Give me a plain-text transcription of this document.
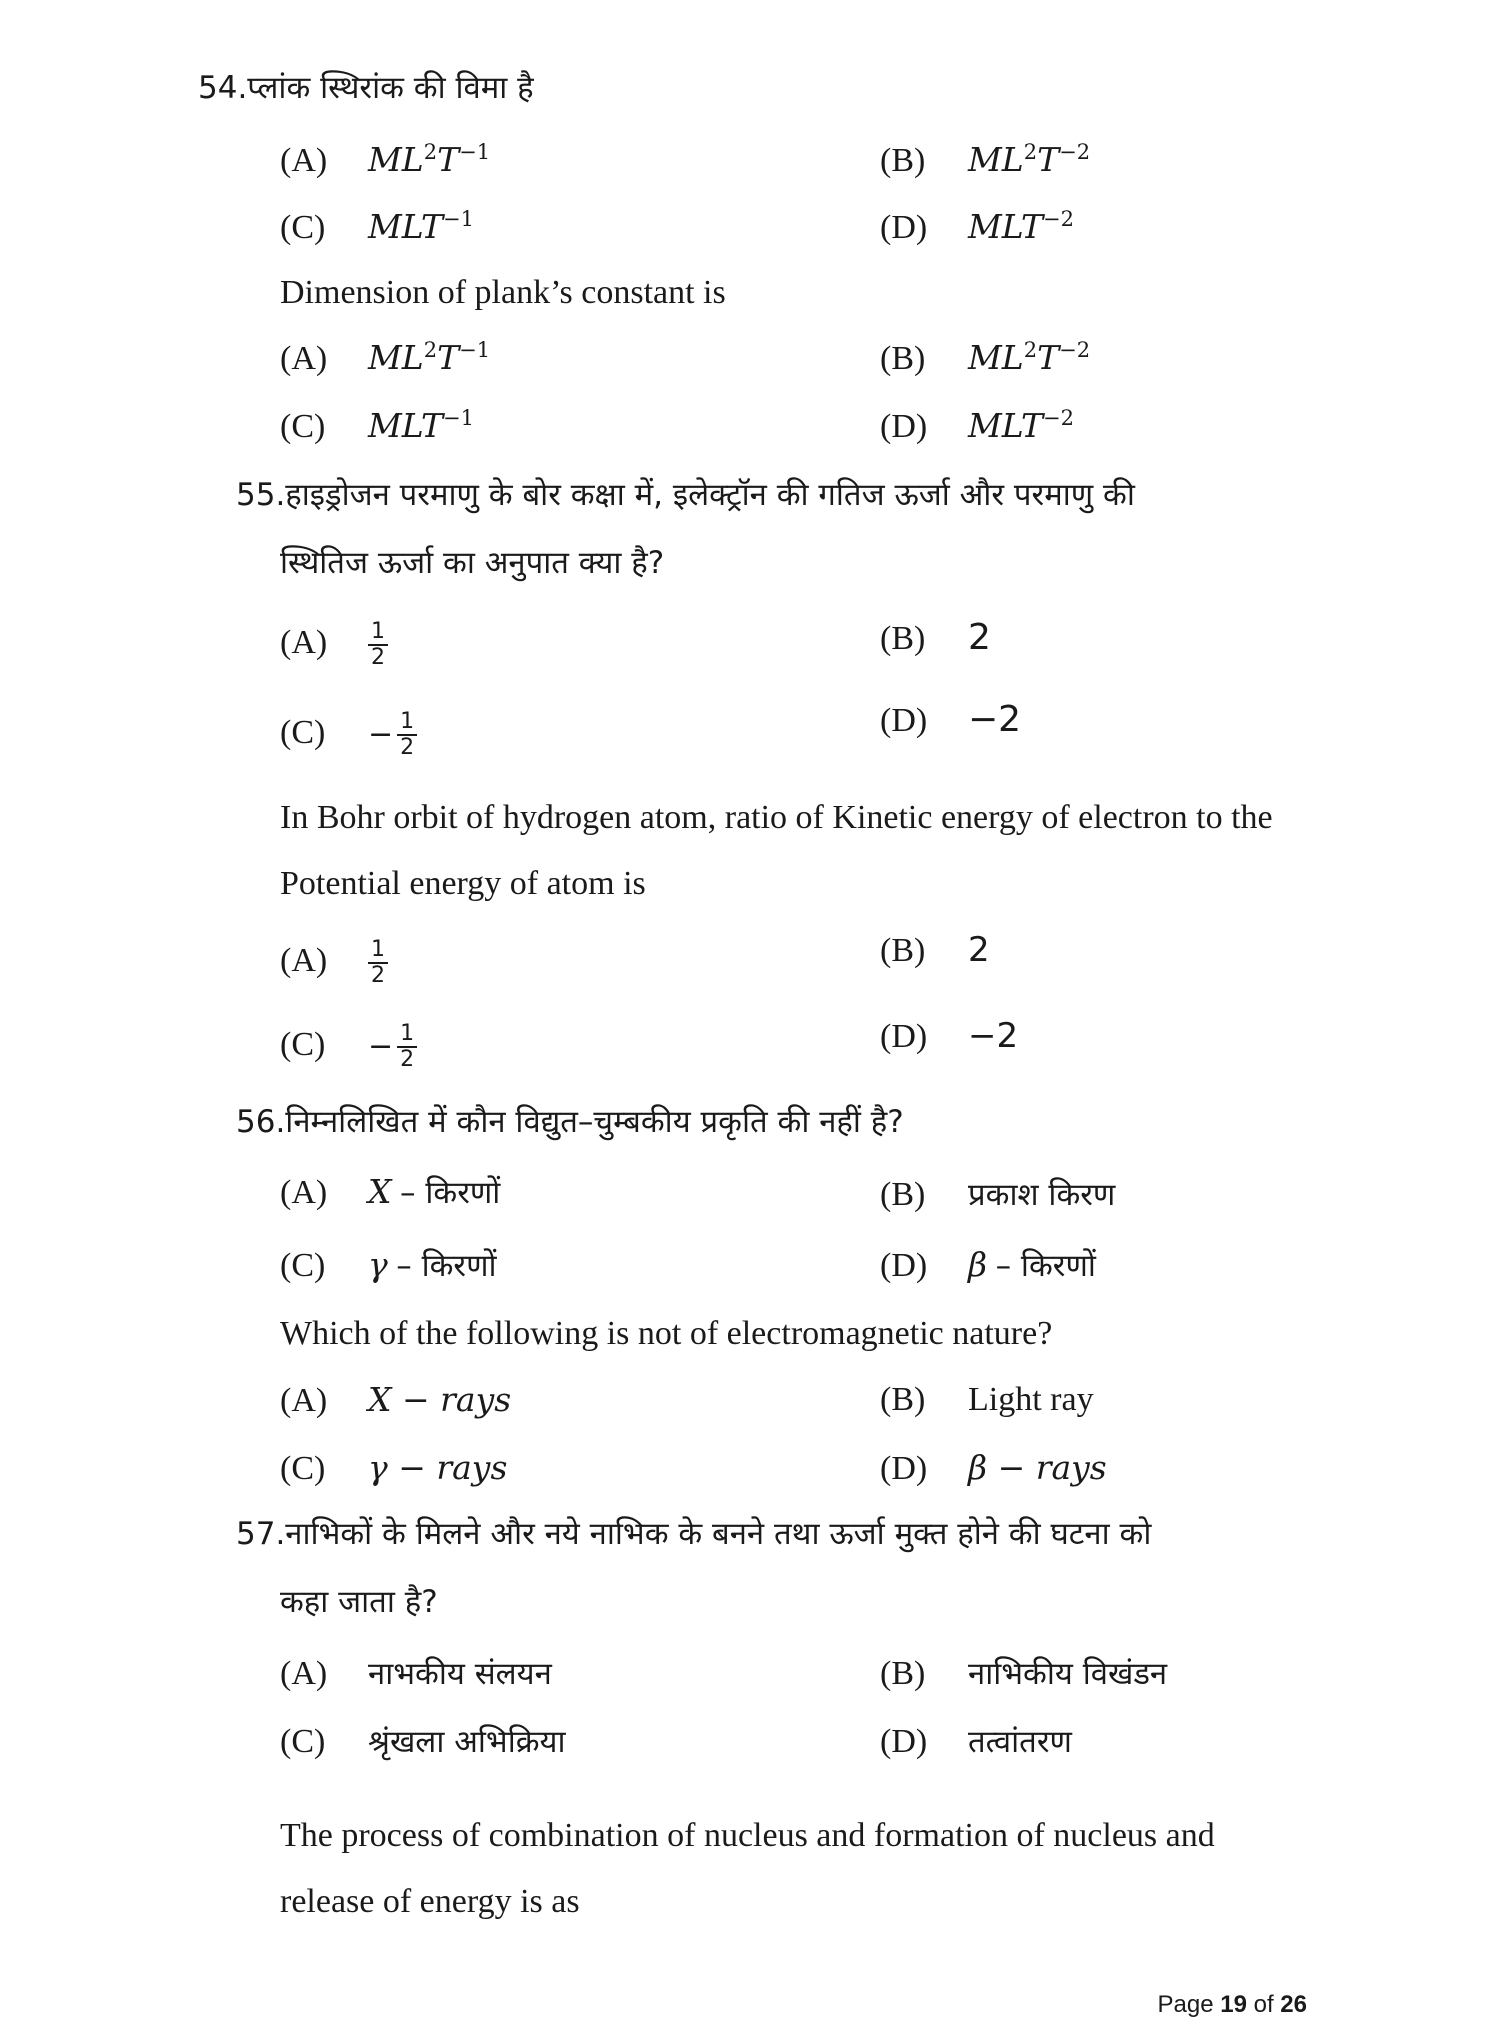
54.प्लांक स्थिरांक की विमा है
(A) $ML^2T^{-1}$	(B) $ML^2T^{-2}$
(C) $MLT^{-1}$	(D) $MLT^{-2}$
Dimension of plank’s constant is
(A) $ML^2T^{-1}$	(B) $ML^2T^{-2}$
(C) $MLT^{-1}$	(D) $MLT^{-2}$
55.हाइड्रोजन परमाणु के बोर कक्षा में, इलेक्ट्रॉन की गतिज ऊर्जा और परमाणु की
स्थितिज ऊर्जा का अनुपात क्या है?
$(A) \frac{1}{2}$	(B) 2
$(C) - \frac{1}{2}$	(D) −2
In Bohr orbit of hydrogen atom, ratio of Kinetic energy of electron to the
Potential energy of atom is
$(A) \frac{1}{2}$	(B) 2
$(C) - \frac{1}{2}$	(D) −2
56.निम्नलिखित में कौन विद्युत–चुम्बकीय प्रकृति की नहीं है?
(A) X – किरणों	(B) प्रकाश किरण
(C) γ – किरणों	(D) β – किरणों
Which of the following is not of electromagnetic nature?
(A) X − rays	(B) Light ray
(C) γ − rays	(D) β − rays
57.नाभिकों के मिलने और नये नाभिक के बनने तथा ऊर्जा मुक्त होने की घटना को
कहा जाता है?
(A) नाभकीय संलयन	(B) नाभिकीय विखंडन
(C) श्रृंखला अभिक्रिया	(D) तत्वांतरण
The process of combination of nucleus and formation of nucleus and
release of energy is as
Page 19 of 26
